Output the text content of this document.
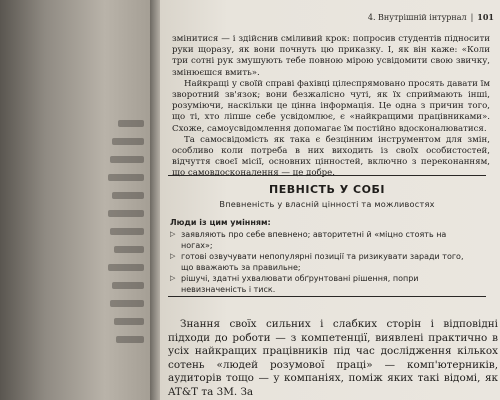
4. Внутрішній інтурнал | 101

змінитися — і здійснив сміливий крок: попросив студентів підносити руки щоразу, як вони почнуть цю приказку. І, як він каже: «Коли три сотні рук змушують тебе повною мірою усвідомити свою звичку, змінюєшся вмить».

Найкращі у своїй справі фахівці цілеспрямовано просять давати їм зворотний зв'язок; вони безжалісно чуті, як їх сприймають інші, розуміючи, наскільки це цінна інформація. Це одна з причин того, що ті, хто ліпше себе усвідомлює, є «найкращими працівниками». Схоже, самоусвідомлення допомагає їм постійно вдосконалюватися.

Та самосвідомість як така є безцінним інструментом для змін, особливо коли потреба в них виходить із своїх особистостей, відчуття своєї місії, основних цінностей, включно з переконанням, що самовдосконалення — це добре.

ПЕВНІСТЬ У СОБІ
Впевненість у власній цінності та можливостях
Люди із цим умінням:
▷ заявляють про себе впевнено; авторитетні й «міцно стоять на ногах»;
▷ готові озвучувати непопулярні позиції та ризикувати заради того, що вважають за правильне;
▷ рішучі, здатні ухвалювати обґрунтовані рішення, попри невизначеність і тиск.

Знання своїх сильних і слабких сторін і відповідні підходи до роботи — з компетенції, виявлені практично в усіх найкращих працівників під час дослідження кількох сотень «людей розумової праці» — комп'ютерників, аудиторів тощо — у компаніях, поміж яких такі відомі, як AT&T та 3М. За
